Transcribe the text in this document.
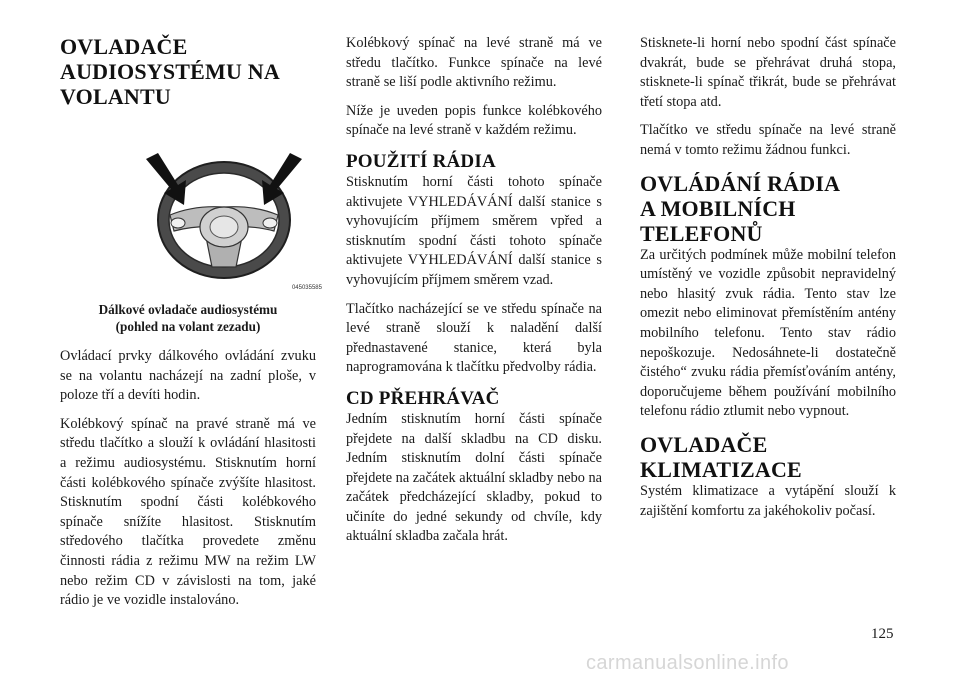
OVLADAČE
AUDIOSYSTÉMU NA
VOLANTU
045035585
Dálkové ovladače audiosystému
(pohled na volant zezadu)

Ovládací prvky dálkového ovládání zvuku se na volantu nacházejí na zadní ploše, v poloze tří a devíti hodin.

Kolébkový spínač na pravé straně má ve středu tlačítko a slouží k ovládání hlasitosti a režimu audiosystému. Stisknutím horní části kolébkového spínače zvýšíte hlasitost. Stisknutím spodní části kolébkového spínače snížíte hlasitost. Stisknutím středového tlačítka provedete změnu činnosti rádia z režimu MW na režim LW nebo režim CD v závislosti na tom, jaké rádio je ve vozidle instalováno.

Kolébkový spínač na levé straně má ve středu tlačítko. Funkce spínače na levé straně se liší podle aktivního režimu.

Níže je uveden popis funkce kolébkového spínače na levé straně v každém režimu.

POUŽITÍ RÁDIA

Stisknutím horní části tohoto spínače aktivujete VYHLEDÁVÁNÍ další stanice s vyhovujícím příjmem směrem vpřed a stisknutím spodní části tohoto spínače aktivujete VYHLEDÁVÁNÍ další stanice s vyhovujícím příjmem směrem vzad.

Tlačítko nacházející se ve středu spínače na levé straně slouží k naladění další přednastavené stanice, která byla naprogramována k tlačítku předvolby rádia.

CD PŘEHRÁVAČ

Jedním stisknutím horní části spínače přejdete na další skladbu na CD disku. Jedním stisknutím dolní části spínače přejdete na začátek aktuální skladby nebo na začátek předcházející skladby, pokud to učiníte do jedné sekundy od chvíle, kdy aktuální skladba začala hrát.

Stisknete-li horní nebo spodní část spínače dvakrát, bude se přehrávat druhá stopa, stisknete-li spínač třikrát, bude se přehrávat třetí stopa atd.

Tlačítko ve středu spínače na levé straně nemá v tomto režimu žádnou funkci.

OVLÁDÁNÍ RÁDIA
A MOBILNÍCH
TELEFONŮ

Za určitých podmínek může mobilní telefon umístěný ve vozidle způsobit nepravidelný nebo hlasitý zvuk rádia. Tento stav lze omezit nebo eliminovat přemístěním antény mobilního telefonu. Tento stav rádio nepoškozuje. Nedosáhnete-li dostatečně čistého“ zvuku rádia přemísťováním antény, doporučujeme během používání mobilního telefonu rádio ztlumit nebo vypnout.

OVLADAČE
KLIMATIZACE

Systém klimatizace a vytápění slouží k zajištění komfortu za jakéhokoliv počasí.

125
carmanualsonline.info
